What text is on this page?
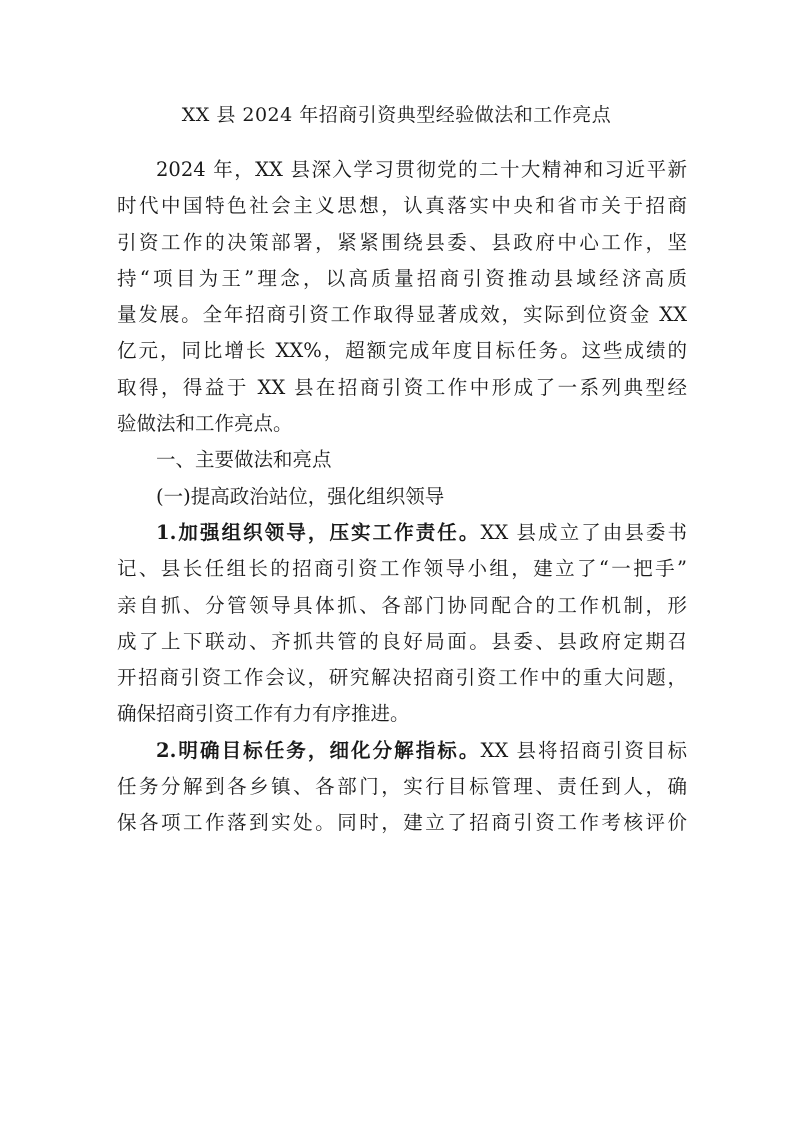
XX 县 2024 年招商引资典型经验做法和工作亮点
2024 年，XX 县深入学习贯彻党的二十大精神和习近平新
时代中国特色社会主义思想，认真落实中央和省市关于招商
引资工作的决策部署，紧紧围绕县委、县政府中心工作，坚
持“项目为王”理念，以高质量招商引资推动县域经济高质
量发展。全年招商引资工作取得显著成效，实际到位资金 XX
亿元，同比增长 XX%，超额完成年度目标任务。这些成绩的
取得，得益于 XX 县在招商引资工作中形成了一系列典型经
验做法和工作亮点。
一、主要做法和亮点
(一)提高政治站位，强化组织领导
1.加强组织领导，压实工作责任。XX 县成立了由县委书
记、县长任组长的招商引资工作领导小组，建立了“一把手”
亲自抓、分管领导具体抓、各部门协同配合的工作机制，形
成了上下联动、齐抓共管的良好局面。县委、县政府定期召
开招商引资工作会议，研究解决招商引资工作中的重大问题，
确保招商引资工作有力有序推进。
2.明确目标任务，细化分解指标。XX 县将招商引资目标
任务分解到各乡镇、各部门，实行目标管理、责任到人，确
保各项工作落到实处。同时，建立了招商引资工作考核评价
